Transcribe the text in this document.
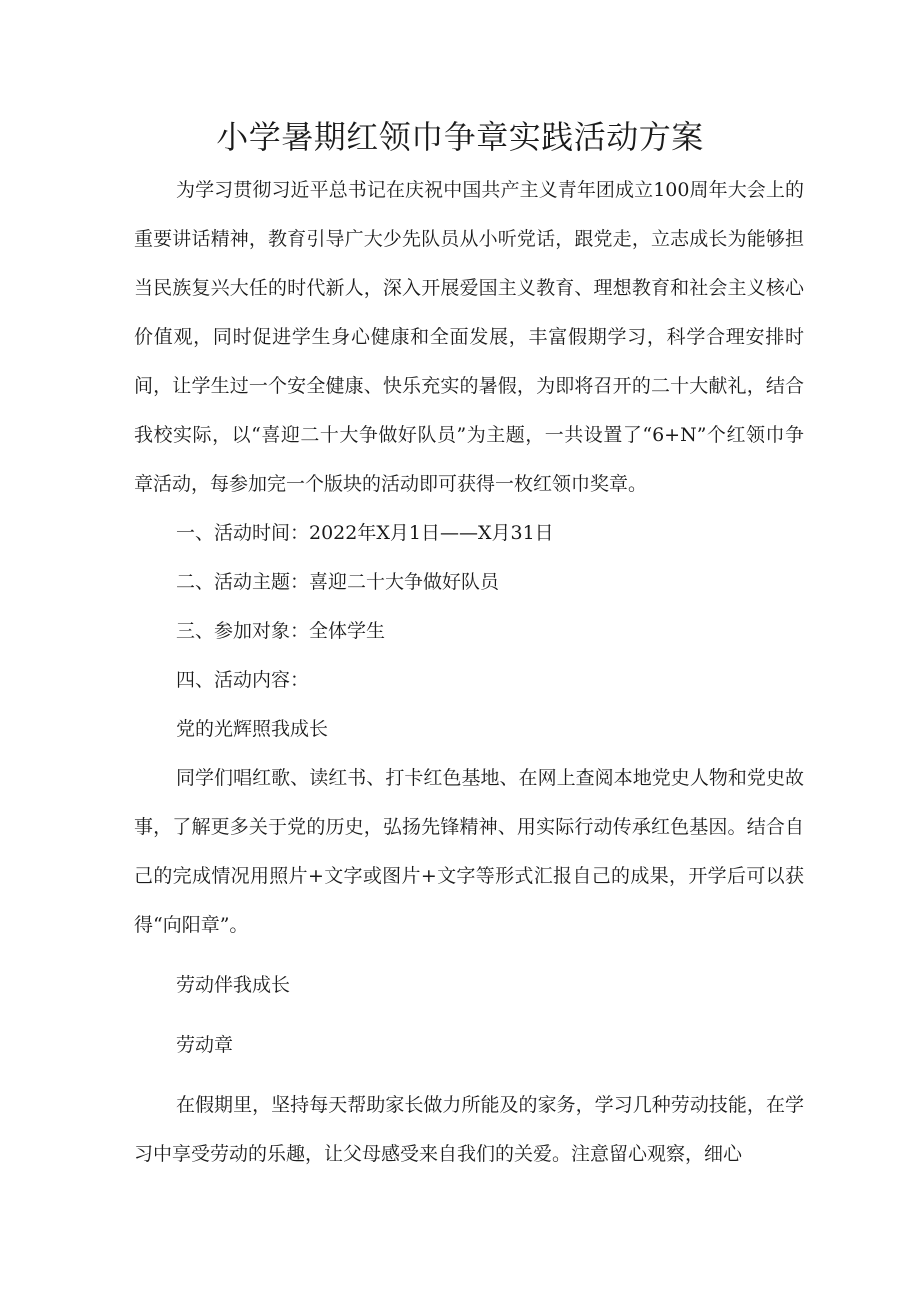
小学暑期红领巾争章实践活动方案

为学习贯彻习近平总书记在庆祝中国共产主义青年团成立100周年大会上的重要讲话精神，教育引导广大少先队员从小听党话，跟党走，立志成长为能够担当民族复兴大任的时代新人，深入开展爱国主义教育、理想教育和社会主义核心价值观，同时促进学生身心健康和全面发展，丰富假期学习，科学合理安排时间，让学生过一个安全健康、快乐充实的暑假，为即将召开的二十大献礼，结合我校实际，以“喜迎二十大争做好队员”为主题，一共设置了“6+N”个红领巾争章活动，每参加完一个版块的活动即可获得一枚红领巾奖章。

一、活动时间：2022年X月1日——X月31日

二、活动主题：喜迎二十大争做好队员

三、参加对象：全体学生

四、活动内容：

党的光辉照我成长

同学们唱红歌、读红书、打卡红色基地、在网上查阅本地党史人物和党史故事，了解更多关于党的历史，弘扬先锋精神、用实际行动传承红色基因。结合自己的完成情况用照片+文字或图片+文字等形式汇报自己的成果，开学后可以获得“向阳章”。

劳动伴我成长

劳动章

在假期里，坚持每天帮助家长做力所能及的家务，学习几种劳动技能，在学习中享受劳动的乐趣，让父母感受来自我们的关爱。注意留心观察，细心
